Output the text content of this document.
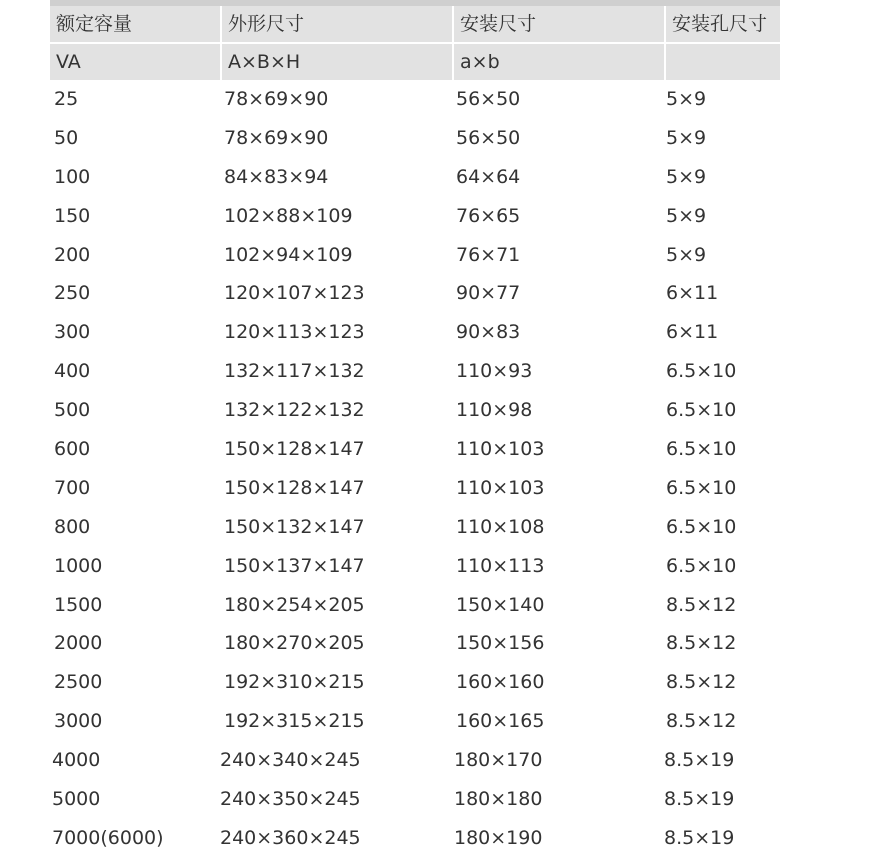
额定容量	外形尺寸	安装尺寸	安装孔尺寸
VA	A×B×H	a×b
25	78×69×90	56×50	5×9
50	78×69×90	56×50	5×9
100	84×83×94	64×64	5×9
150	102×88×109	76×65	5×9
200	102×94×109	76×71	5×9
250	120×107×123	90×77	6×11
300	120×113×123	90×83	6×11
400	132×117×132	110×93	6.5×10
500	132×122×132	110×98	6.5×10
600	150×128×147	110×103	6.5×10
700	150×128×147	110×103	6.5×10
800	150×132×147	110×108	6.5×10
1000	150×137×147	110×113	6.5×10
1500	180×254×205	150×140	8.5×12
2000	180×270×205	150×156	8.5×12
2500	192×310×215	160×160	8.5×12
3000	192×315×215	160×165	8.5×12
4000	240×340×245	180×170	8.5×19
5000	240×350×245	180×180	8.5×19
7000(6000)	240×360×245	180×190	8.5×19
